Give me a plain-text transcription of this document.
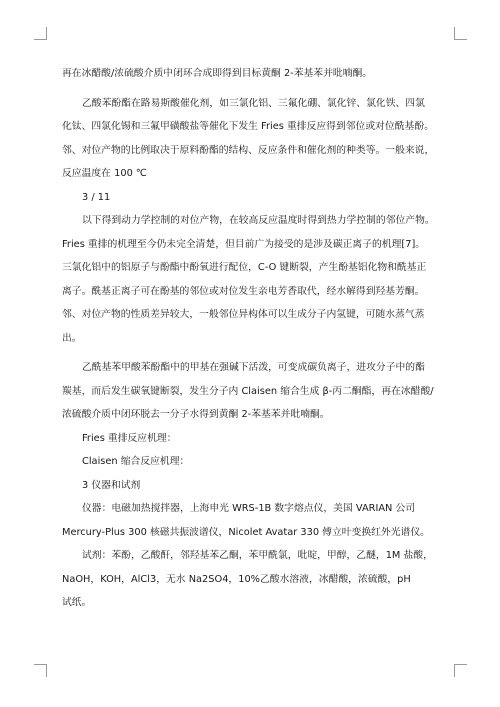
再在冰醋酸/浓硫酸介质中闭环合成即得到目标黄酮 2-苯基苯并吡喃酮。

乙酸苯酚酯在路易斯酸催化剂，如三氯化铝、三氟化硼、氯化锌、氯化铁、四氯

化钛、四氯化锡和三氟甲磺酸盐等催化下发生 Fries 重排反应得到邻位或对位酰基酚。

邻、对位产物的比例取决于原料酚酯的结构、反应条件和催化剂的种类等。一般来说，

反应温度在 100 ℃

3 / 11

以下得到动力学控制的对位产物，在较高反应温度时得到热力学控制的邻位产物。

Fries 重排的机理至今仍未完全清楚，但目前广为接受的是涉及碳正离子的机理[7]。

三氯化铝中的铝原子与酚酯中酚氧进行配位，C-O 键断裂，产生酚基铝化物和酰基正

离子。酰基正离子可在酚基的邻位或对位发生亲电芳香取代，经水解得到羟基芳酮。

邻、对位产物的性质差异较大，一般邻位异构体可以生成分子内氢键，可随水蒸气蒸

出。

乙酰基苯甲酸苯酚酯中的甲基在强碱下活泼，可变成碳负离子，进攻分子中的酯

羰基，而后发生碳氧键断裂，发生分子内 Claisen 缩合生成 β-丙二酮酯，再在冰醋酸/

浓硫酸介质中闭环脱去一分子水得到黄酮 2-苯基苯并吡喃酮。

Fries 重排反应机理：

Claisen 缩合反应机理：

3 仪器和试剂

仪器：电磁加热搅拌器，上海申光 WRS-1B 数字熔点仪，美国 VARIAN 公司

Mercury-Plus 300 核磁共振波谱仪，Nicolet Avatar 330 傅立叶变换红外光谱仪。

试剂：苯酚，乙酸酐，邻羟基苯乙酮，苯甲酰氯，吡啶，甲醇，乙醚，1M 盐酸，

NaOH，KOH，AlCl3，无水 Na2SO4，10%乙酸水溶液，冰醋酸，浓硫酸，pH

试纸。
